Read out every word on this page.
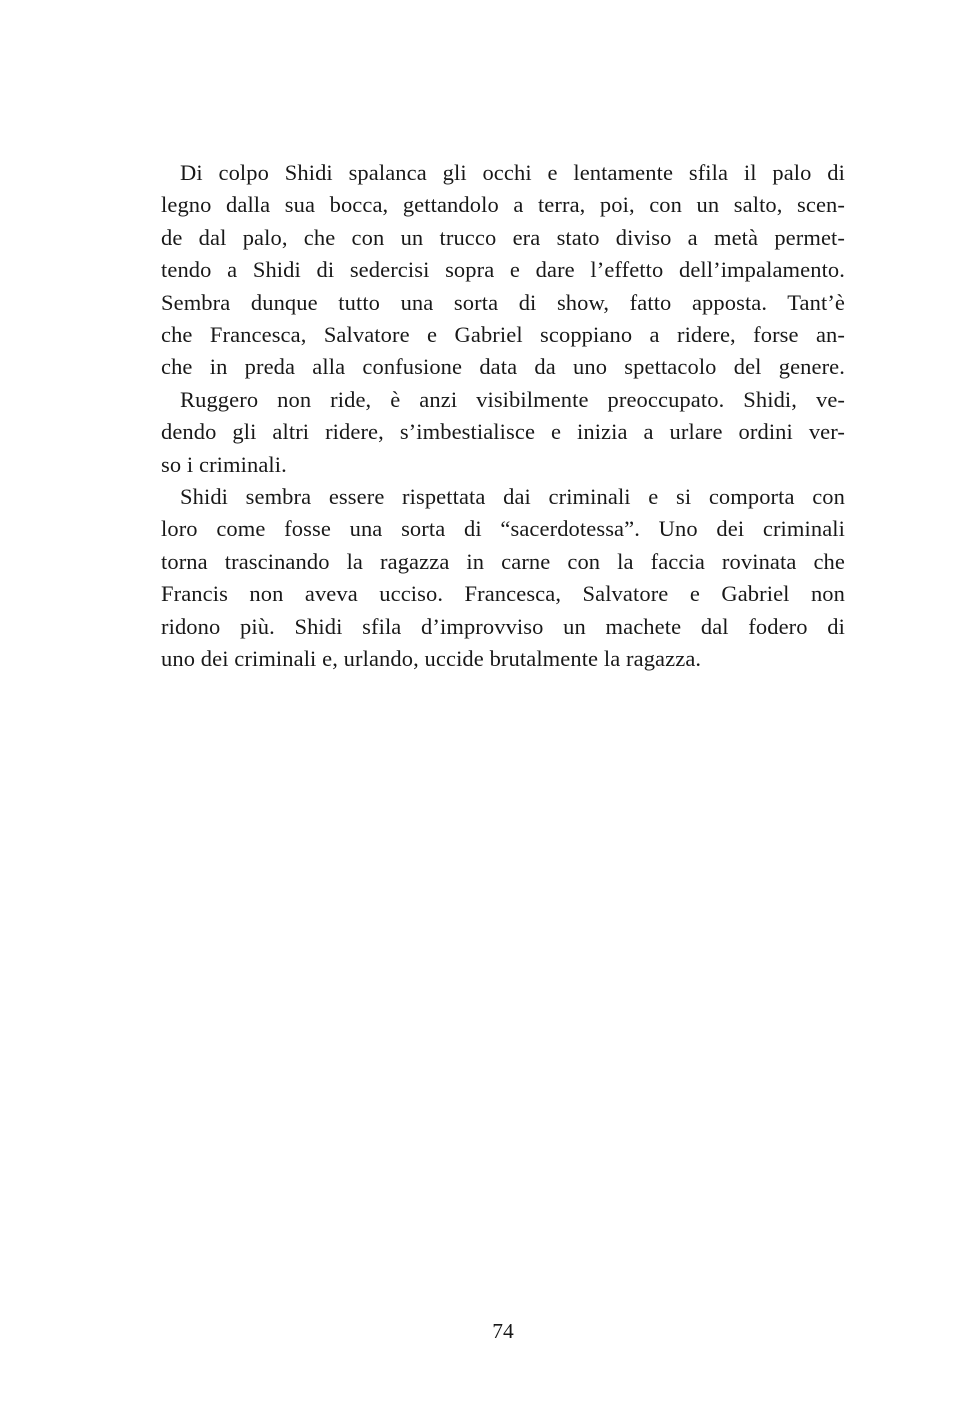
Di colpo Shidi spalanca gli occhi e lentamente sfila il palo di
legno dalla sua bocca, gettandolo a terra, poi, con un salto, scen-
de dal palo, che con un trucco era stato diviso a metà permet-
tendo a Shidi di sedercisi sopra e dare l’effetto dell’impalamento.
Sembra dunque tutto una sorta di show, fatto apposta. Tant’è
che Francesca, Salvatore e Gabriel scoppiano a ridere, forse an-
che in preda alla confusione data da uno spettacolo del genere.
Ruggero non ride, è anzi visibilmente preoccupato. Shidi, ve-
dendo gli altri ridere, s’imbestialisce e inizia a urlare ordini ver-
so i criminali.
Shidi sembra essere rispettata dai criminali e si comporta con
loro come fosse una sorta di “sacerdotessa”. Uno dei criminali
torna trascinando la ragazza in carne con la faccia rovinata che
Francis non aveva ucciso. Francesca, Salvatore e Gabriel non
ridono più. Shidi sfila d’improvviso un machete dal fodero di
uno dei criminali e, urlando, uccide brutalmente la ragazza.
74
